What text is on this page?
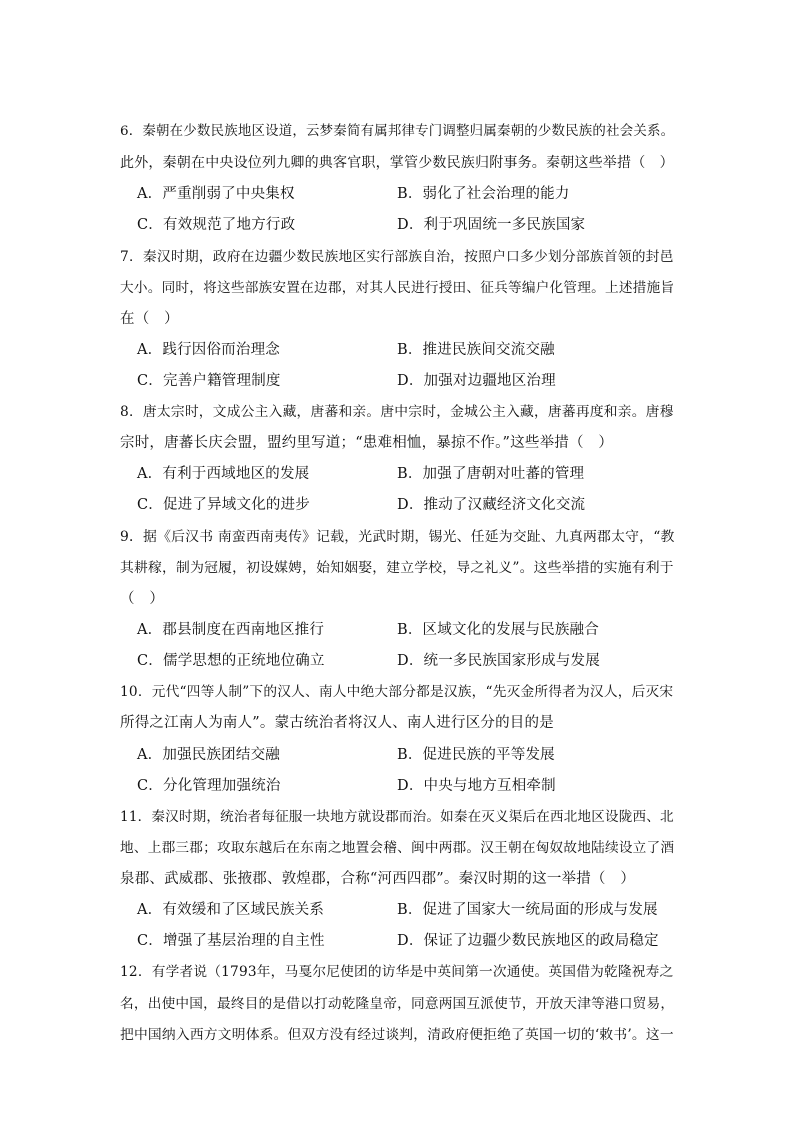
6．秦朝在少数民族地区设道，云梦秦简有属邦律专门调整归属秦朝的少数民族的社会关系。
此外，秦朝在中央设位列九卿的典客官职，掌管少数民族归附事务。秦朝这些举措（　）
A．严重削弱了中央集权	B．弱化了社会治理的能力
C．有效规范了地方行政	D．利于巩固统一多民族国家
7．秦汉时期，政府在边疆少数民族地区实行部族自治，按照户口多少划分部族首领的封邑
大小。同时，将这些部族安置在边郡，对其人民进行授田、征兵等编户化管理。上述措施旨
在（　）
A．践行因俗而治理念	B．推进民族间交流交融
C．完善户籍管理制度	D．加强对边疆地区治理
8．唐太宗时，文成公主入藏，唐蕃和亲。唐中宗时，金城公主入藏，唐蕃再度和亲。唐穆
宗时，唐蕃长庆会盟，盟约里写道；“患难相恤，暴掠不作。”这些举措（　）
A．有利于西域地区的发展	B．加强了唐朝对吐蕃的管理
C．促进了异域文化的进步	D．推动了汉藏经济文化交流
9．据《后汉书 南蛮西南夷传》记载，光武时期，锡光、任延为交趾、九真两郡太守，“教
其耕稼，制为冠履，初设媒娉，始知姻娶，建立学校，导之礼义”。这些举措的实施有利于
（　）
A．郡县制度在西南地区推行	B．区域文化的发展与民族融合
C．儒学思想的正统地位确立	D．统一多民族国家形成与发展
10．元代“四等人制”下的汉人、南人中绝大部分都是汉族，“先灭金所得者为汉人，后灭宋
所得之江南人为南人”。蒙古统治者将汉人、南人进行区分的目的是
A．加强民族团结交融	B．促进民族的平等发展
C．分化管理加强统治	D．中央与地方互相牵制
11．秦汉时期，统治者每征服一块地方就设郡而治。如秦在灭义渠后在西北地区设陇西、北
地、上郡三郡；攻取东越后在东南之地置会稽、闽中两郡。汉王朝在匈奴故地陆续设立了酒
泉郡、武威郡、张掖郡、敦煌郡，合称“河西四郡”。秦汉时期的这一举措（　）
A．有效缓和了区域民族关系	B．促进了国家大一统局面的形成与发展
C．增强了基层治理的自主性	D．保证了边疆少数民族地区的政局稳定
12．有学者说（1793年，马戛尔尼使团的访华是中英间第一次通使。英国借为乾隆祝寿之
名，出使中国，最终目的是借以打动乾隆皇帝，同意两国互派使节，开放天津等港口贸易，
把中国纳入西方文明体系。但双方没有经过谈判，清政府便拒绝了英国一切的‘敕书’。这一
